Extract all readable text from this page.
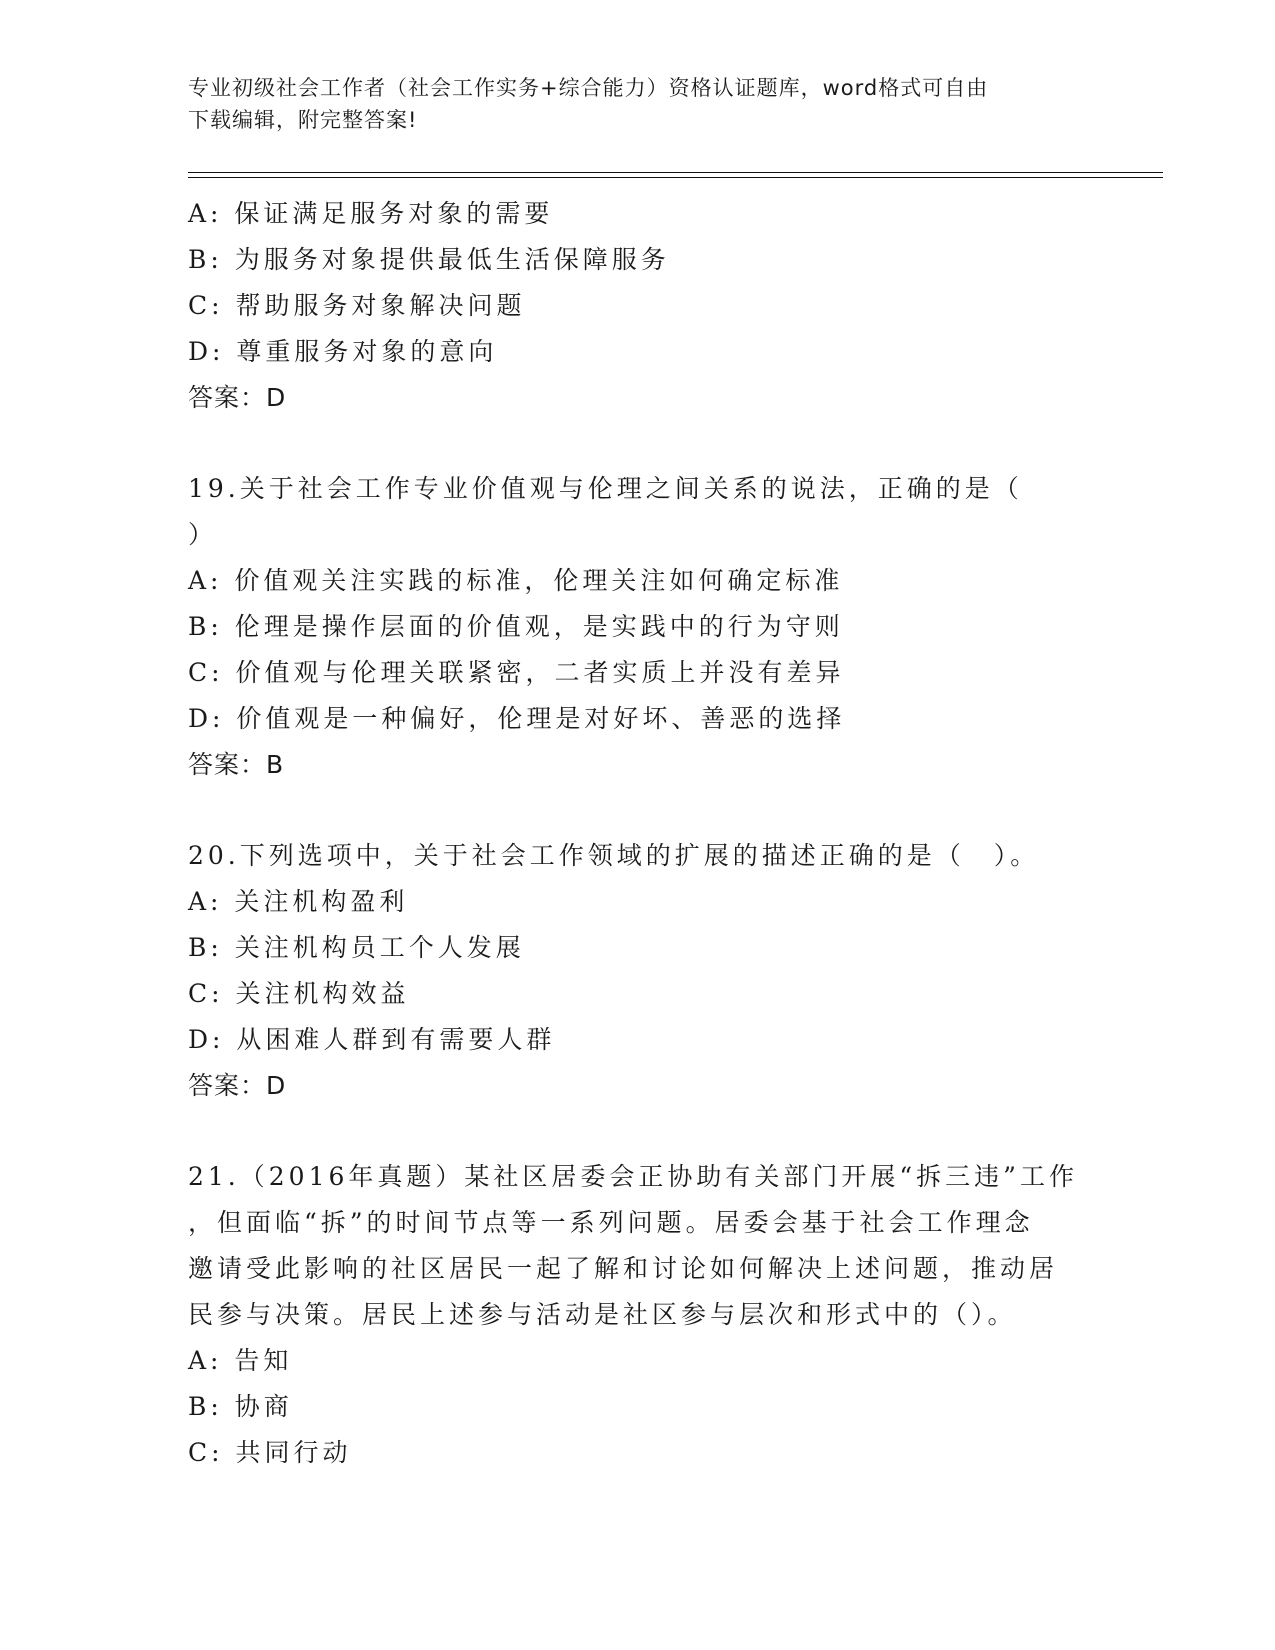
专业初级社会工作者（社会工作实务+综合能力）资格认证题库，word格式可自由
下载编辑，附完整答案!
A: 保证满足服务对象的需要
B: 为服务对象提供最低生活保障服务
C: 帮助服务对象解决问题
D: 尊重服务对象的意向
答案：D
19.关于社会工作专业价值观与伦理之间关系的说法，正确的是（
）
A: 价值观关注实践的标准，伦理关注如何确定标准
B: 伦理是操作层面的价值观，是实践中的行为守则
C: 价值观与伦理关联紧密，二者实质上并没有差异
D: 价值观是一种偏好，伦理是对好坏、善恶的选择
答案：B
20.下列选项中，关于社会工作领域的扩展的描述正确的是（　）。
A: 关注机构盈利
B: 关注机构员工个人发展
C: 关注机构效益
D: 从困难人群到有需要人群
答案：D
21.（2016年真题）某社区居委会正协助有关部门开展“拆三违”工作
，但面临“拆”的时间节点等一系列问题。居委会基于社会工作理念
邀请受此影响的社区居民一起了解和讨论如何解决上述问题，推动居
民参与决策。居民上述参与活动是社区参与层次和形式中的（）。
A: 告知
B: 协商
C: 共同行动
